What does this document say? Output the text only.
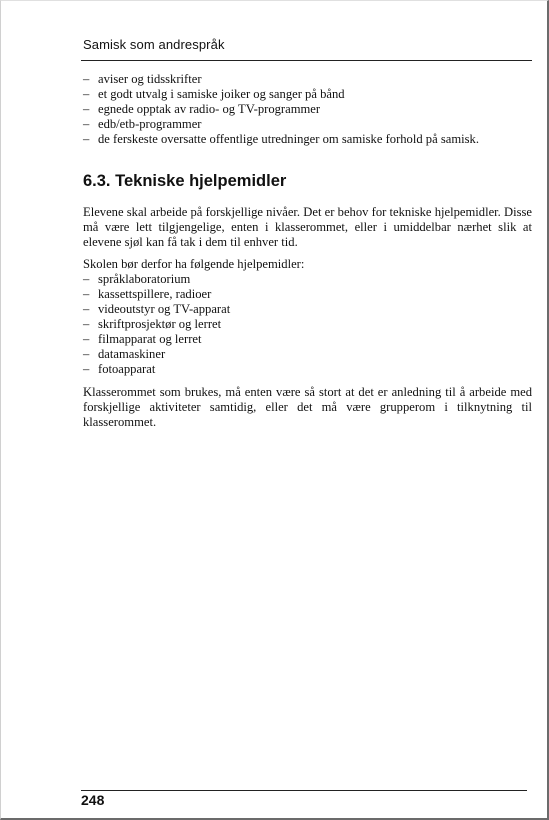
Samisk som andrespråk
– aviser og tidsskrifter
– et godt utvalg i samiske joiker og sanger på bånd
– egnede opptak av radio- og TV-programmer
– edb/etb-programmer
– de ferskeste oversatte offentlige utredninger om samiske forhold på samisk.
6.3. Tekniske hjelpemidler
Elevene skal arbeide på forskjellige nivåer. Det er behov for tekniske hjelpemidler. Disse må være lett tilgjengelige, enten i klasserommet, eller i umiddelbar nærhet slik at elevene sjøl kan få tak i dem til enhver tid.
Skolen bør derfor ha følgende hjelpemidler:
– språklaboratorium
– kassettspillere, radioer
– videoutstyr og TV-apparat
– skriftprosjektør og lerret
– filmapparat og lerret
– datamaskiner
– fotoapparat
Klasserommet som brukes, må enten være så stort at det er anledning til å arbeide med forskjellige aktiviteter samtidig, eller det må være grupperom i tilknytning til klasserommet.
248
